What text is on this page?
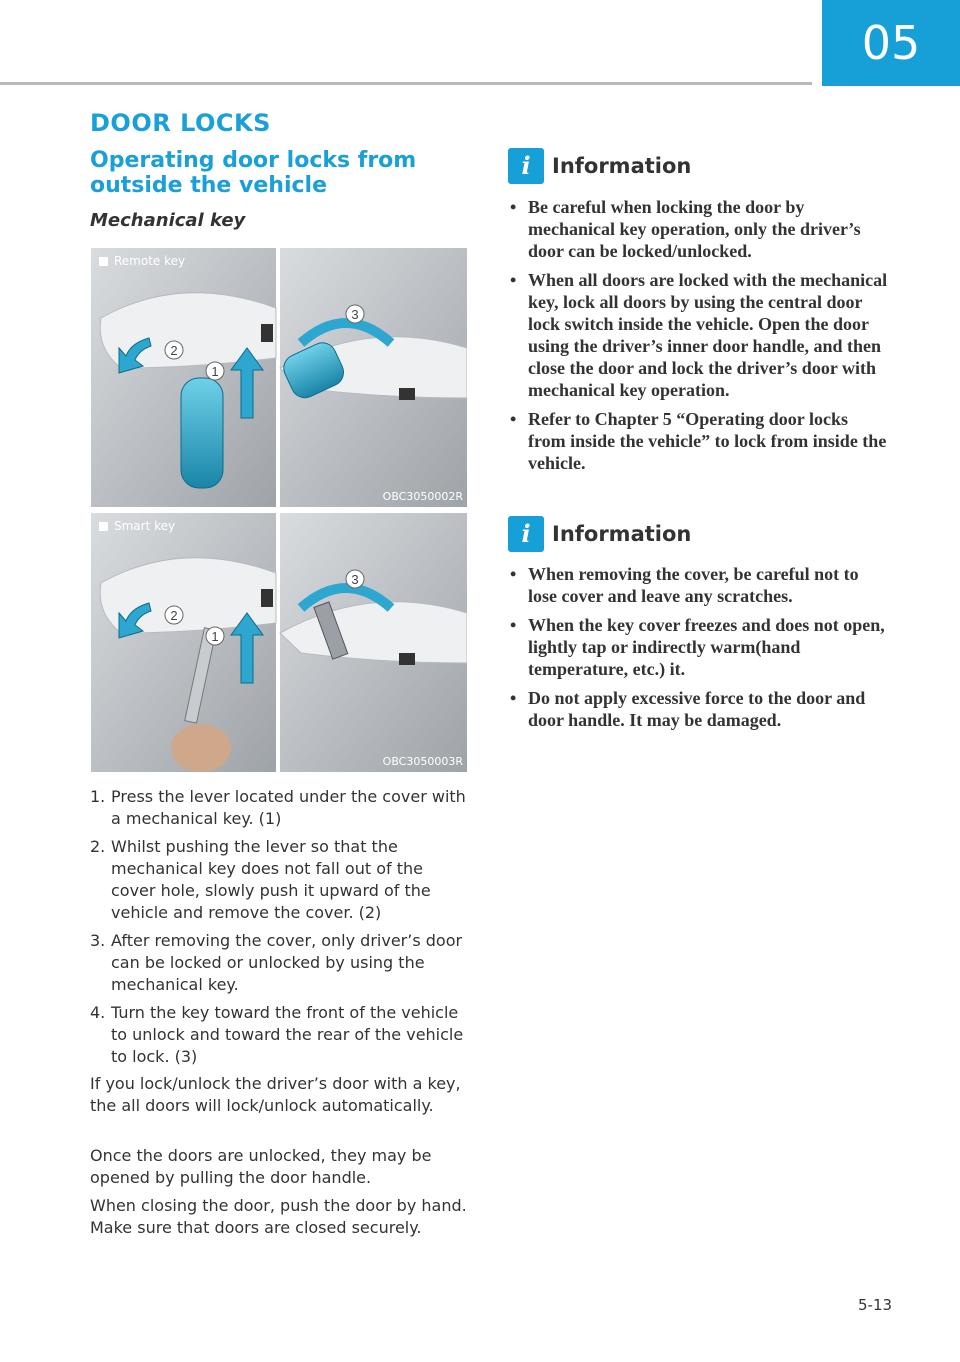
05
DOOR LOCKS
Operating door locks from outside the vehicle
Mechanical key
2
1
3
Remote key
OBC3050002R
2
1
3
Smart key
OBC3050003R
1. Press the lever located under the cover with a mechanical key. (1)
2. Whilst pushing the lever so that the mechanical key does not fall out of the cover hole, slowly push it upward of the vehicle and remove the cover. (2)
3. After removing the cover, only driver’s door can be locked or unlocked by using the mechanical key.
4. Turn the key toward the front of the vehicle to unlock and toward the rear of the vehicle to lock. (3)

If you lock/unlock the driver’s door with a key, the all doors will lock/unlock automatically.

Once the doors are unlocked, they may be opened by pulling the door handle.

When closing the door, push the door by hand. Make sure that doors are closed securely.

i	Information
• Be careful when locking the door by mechanical key operation, only the driver’s door can be locked/unlocked.
• When all doors are locked with the mechanical key, lock all doors by using the central door lock switch inside the vehicle. Open the door using the driver’s inner door handle, and then close the door and lock the driver’s door with mechanical key operation.
• Refer to Chapter 5 “Operating door locks from inside the vehicle” to lock from inside the vehicle.
i	Information
• When removing the cover, be careful not to lose cover and leave any scratches.
• When the key cover freezes and does not open, lightly tap or indirectly warm(hand temperature, etc.) it.
• Do not apply excessive force to the door and door handle. It may be damaged.
5-13
